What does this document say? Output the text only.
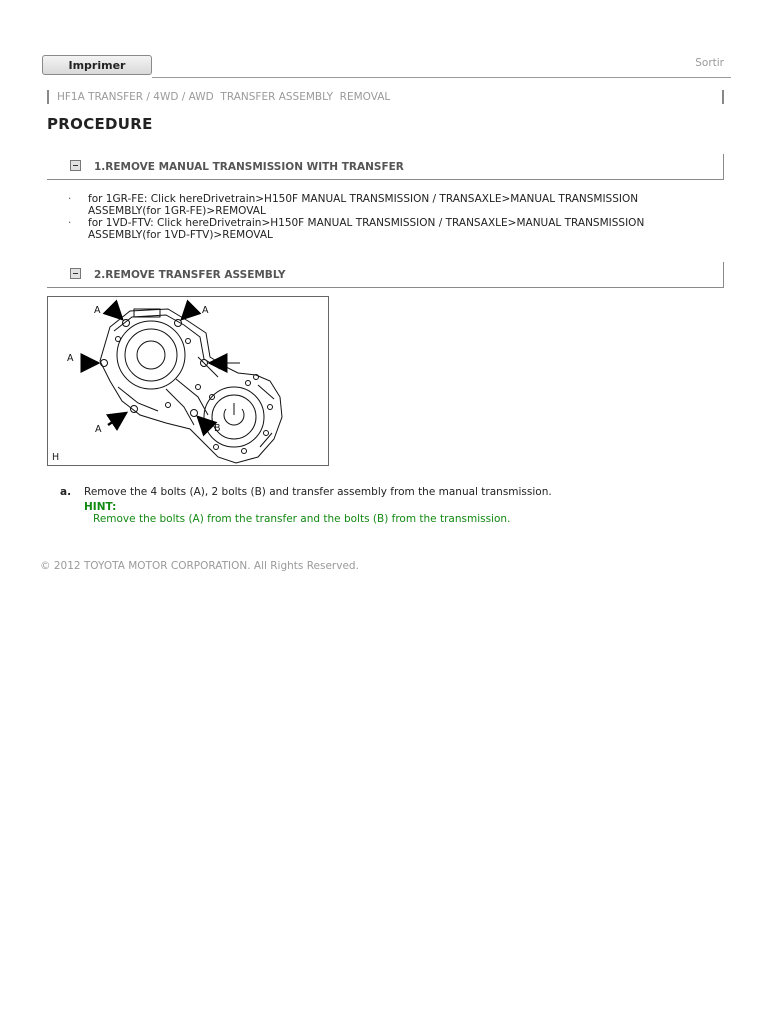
Imprimer	Sortir
HF1A TRANSFER / 4WD / AWD  TRANSFER ASSEMBLY  REMOVAL
PROCEDURE
1.REMOVE MANUAL TRANSMISSION WITH TRANSFER
·	for 1GR-FE: Click hereDrivetrain>H150F MANUAL TRANSMISSION / TRANSAXLE>MANUAL TRANSMISSION ASSEMBLY(for 1GR-FE)>REMOVAL
·	for 1VD-FTV: Click hereDrivetrain>H150F MANUAL TRANSMISSION / TRANSAXLE>MANUAL TRANSMISSION ASSEMBLY(for 1VD-FTV)>REMOVAL
2.REMOVE TRANSFER ASSEMBLY
A	A
A
A	B
H
a. Remove the 4 bolts (A), 2 bolts (B) and transfer assembly from the manual transmission.
HINT:
Remove the bolts (A) from the transfer and the bolts (B) from the transmission.
© 2012 TOYOTA MOTOR CORPORATION. All Rights Reserved.
